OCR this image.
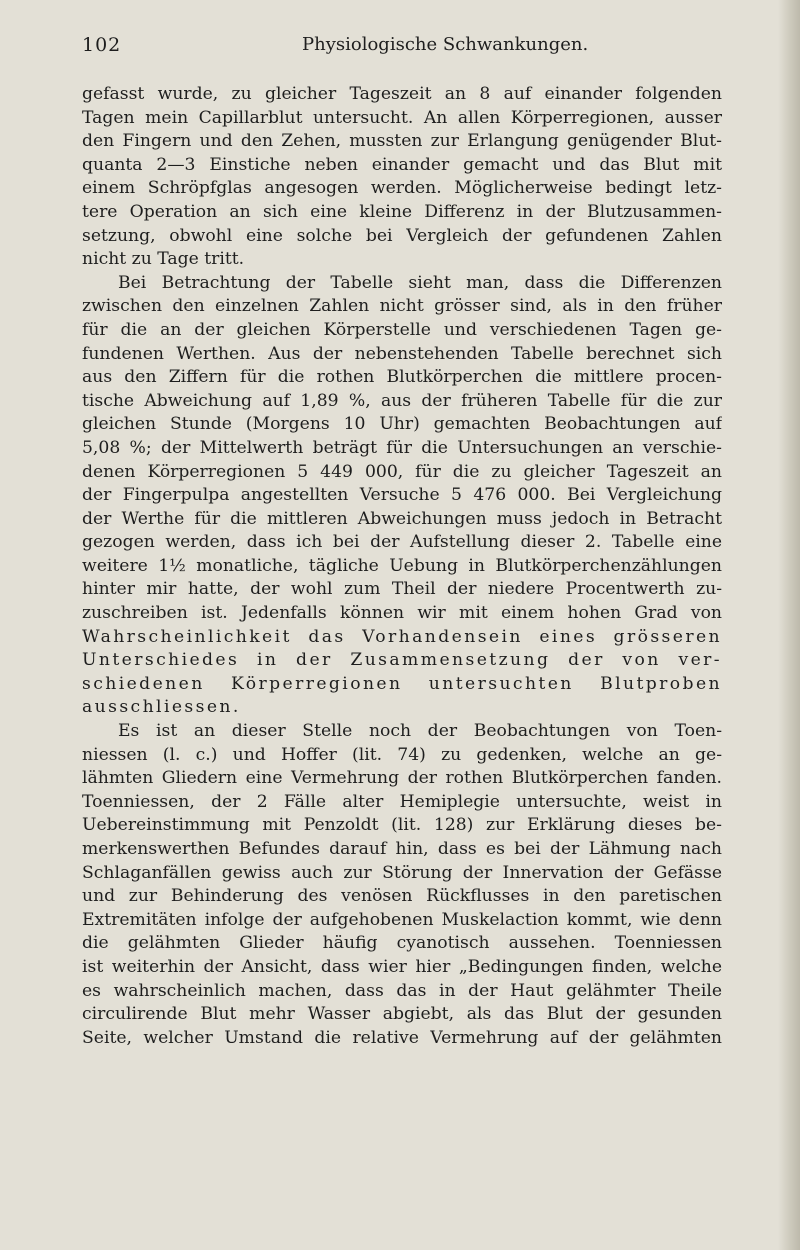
102	Physiologische Schwankungen.
gefasst wurde, zu gleicher Tageszeit an 8 auf einander folgenden
Tagen mein Capillarblut untersucht. An allen Körperregionen, ausser
den Fingern und den Zehen, mussten zur Erlangung genügender Blut-
quanta 2—3 Einstiche neben einander gemacht und das Blut mit
einem Schröpfglas angesogen werden. Möglicherweise bedingt letz-
tere Operation an sich eine kleine Differenz in der Blutzusammen-
setzung, obwohl eine solche bei Vergleich der gefundenen Zahlen
nicht zu Tage tritt.
Bei Betrachtung der Tabelle sieht man, dass die Differenzen
zwischen den einzelnen Zahlen nicht grösser sind, als in den früher
für die an der gleichen Körperstelle und verschiedenen Tagen ge-
fundenen Werthen. Aus der nebenstehenden Tabelle berechnet sich
aus den Ziffern für die rothen Blutkörperchen die mittlere procen-
tische Abweichung auf 1,89 %, aus der früheren Tabelle für die zur
gleichen Stunde (Morgens 10 Uhr) gemachten Beobachtungen auf
5,08 %; der Mittelwerth beträgt für die Untersuchungen an verschie-
denen Körperregionen 5 449 000, für die zu gleicher Tageszeit an
der Fingerpulpa angestellten Versuche 5 476 000. Bei Vergleichung
der Werthe für die mittleren Abweichungen muss jedoch in Betracht
gezogen werden, dass ich bei der Aufstellung dieser 2. Tabelle eine
weitere 1½ monatliche, tägliche Uebung in Blutkörperchenzählungen
hinter mir hatte, der wohl zum Theil der niedere Procentwerth zu-
zuschreiben ist. Jedenfalls können wir mit einem hohen Grad von
Wahrscheinlichkeit das Vorhandensein eines grösseren
Unterschiedes in der Zusammensetzung der von ver-
schiedenen Körperregionen untersuchten Blutproben
ausschliessen.
Es ist an dieser Stelle noch der Beobachtungen von Toen-
niessen (l. c.) und Hoffer (lit. 74) zu gedenken, welche an ge-
lähmten Gliedern eine Vermehrung der rothen Blutkörperchen fanden.
Toenniessen, der 2 Fälle alter Hemiplegie untersuchte, weist in
Uebereinstimmung mit Penzoldt (lit. 128) zur Erklärung dieses be-
merkenswerthen Befundes darauf hin, dass es bei der Lähmung nach
Schlaganfällen gewiss auch zur Störung der Innervation der Gefässe
und zur Behinderung des venösen Rückflusses in den paretischen
Extremitäten infolge der aufgehobenen Muskelaction kommt, wie denn
die gelähmten Glieder häufig cyanotisch aussehen. Toenniessen
ist weiterhin der Ansicht, dass wier hier „Bedingungen finden, welche
es wahrscheinlich machen, dass das in der Haut gelähmter Theile
circulirende Blut mehr Wasser abgiebt, als das Blut der gesunden
Seite, welcher Umstand die relative Vermehrung auf der gelähmten
